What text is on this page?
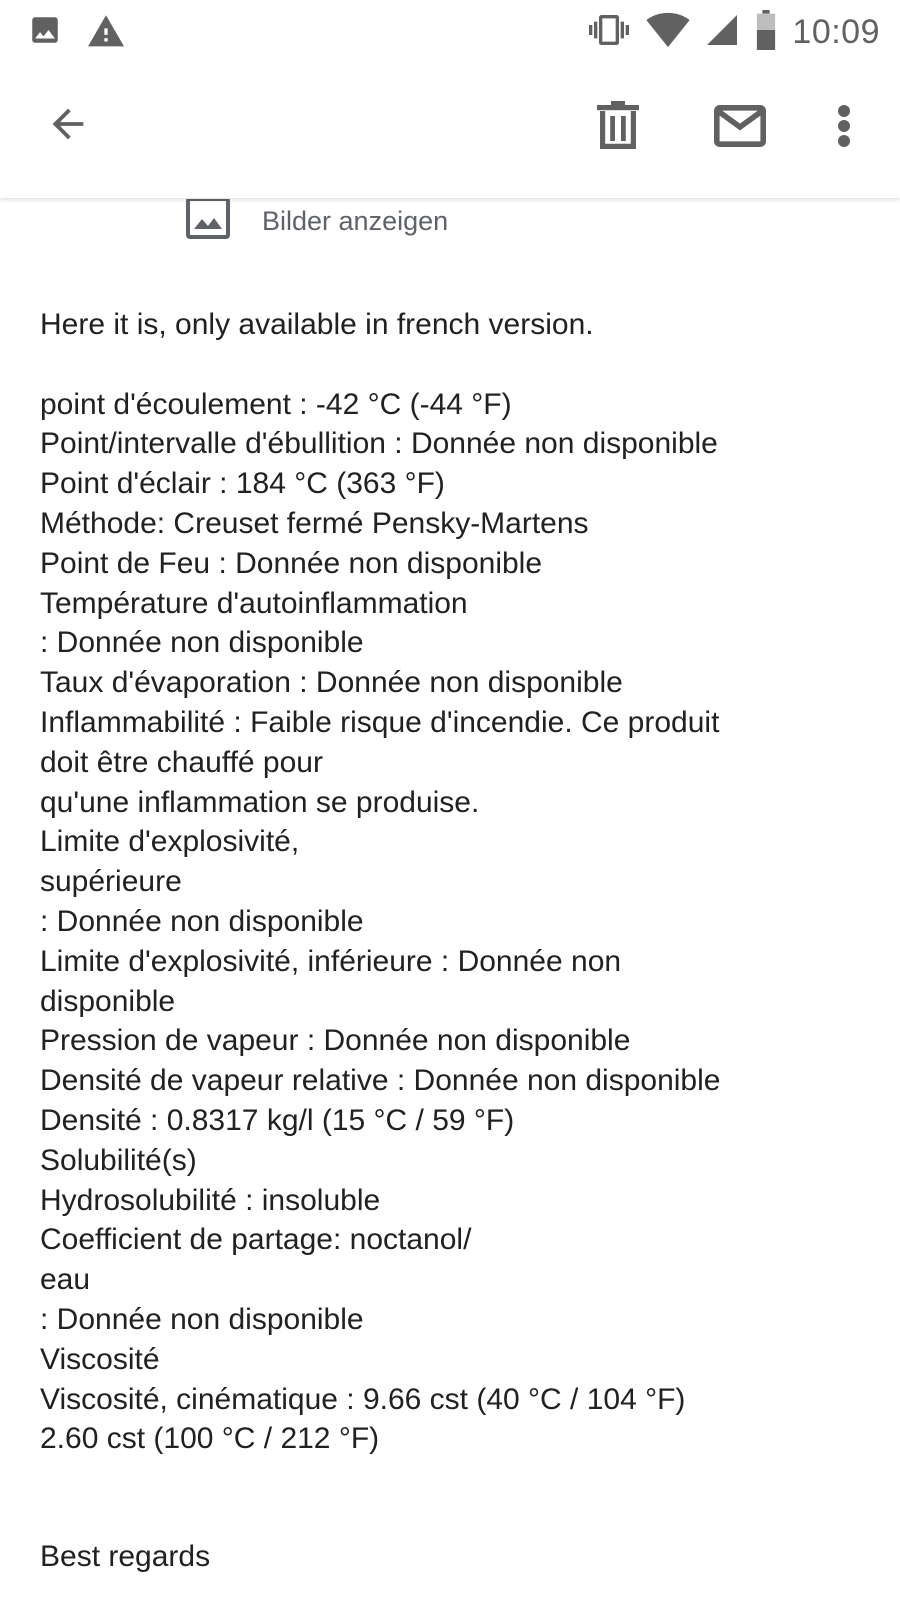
10:09
Bilder anzeigen
Here it is, only available in french version.
point d'écoulement : -42 °C (-44 °F)
Point/intervalle d'ébullition : Donnée non disponible
Point d'éclair : 184 °C (363 °F)
Méthode: Creuset fermé Pensky-Martens
Point de Feu : Donnée non disponible
Température d'autoinflammation
: Donnée non disponible
Taux d'évaporation : Donnée non disponible
Inflammabilité : Faible risque d'incendie. Ce produit
doit être chauffé pour
qu'une inflammation se produise.
Limite d'explosivité,
supérieure
: Donnée non disponible
Limite d'explosivité, inférieure : Donnée non
disponible
Pression de vapeur : Donnée non disponible
Densité de vapeur relative : Donnée non disponible
Densité : 0.8317 kg/l (15 °C / 59 °F)
Solubilité(s)
Hydrosolubilité : insoluble
Coefficient de partage: noctanol/
eau
: Donnée non disponible
Viscosité
Viscosité, cinématique : 9.66 cst (40 °C / 104 °F)
2.60 cst (100 °C / 212 °F)
Best regards
